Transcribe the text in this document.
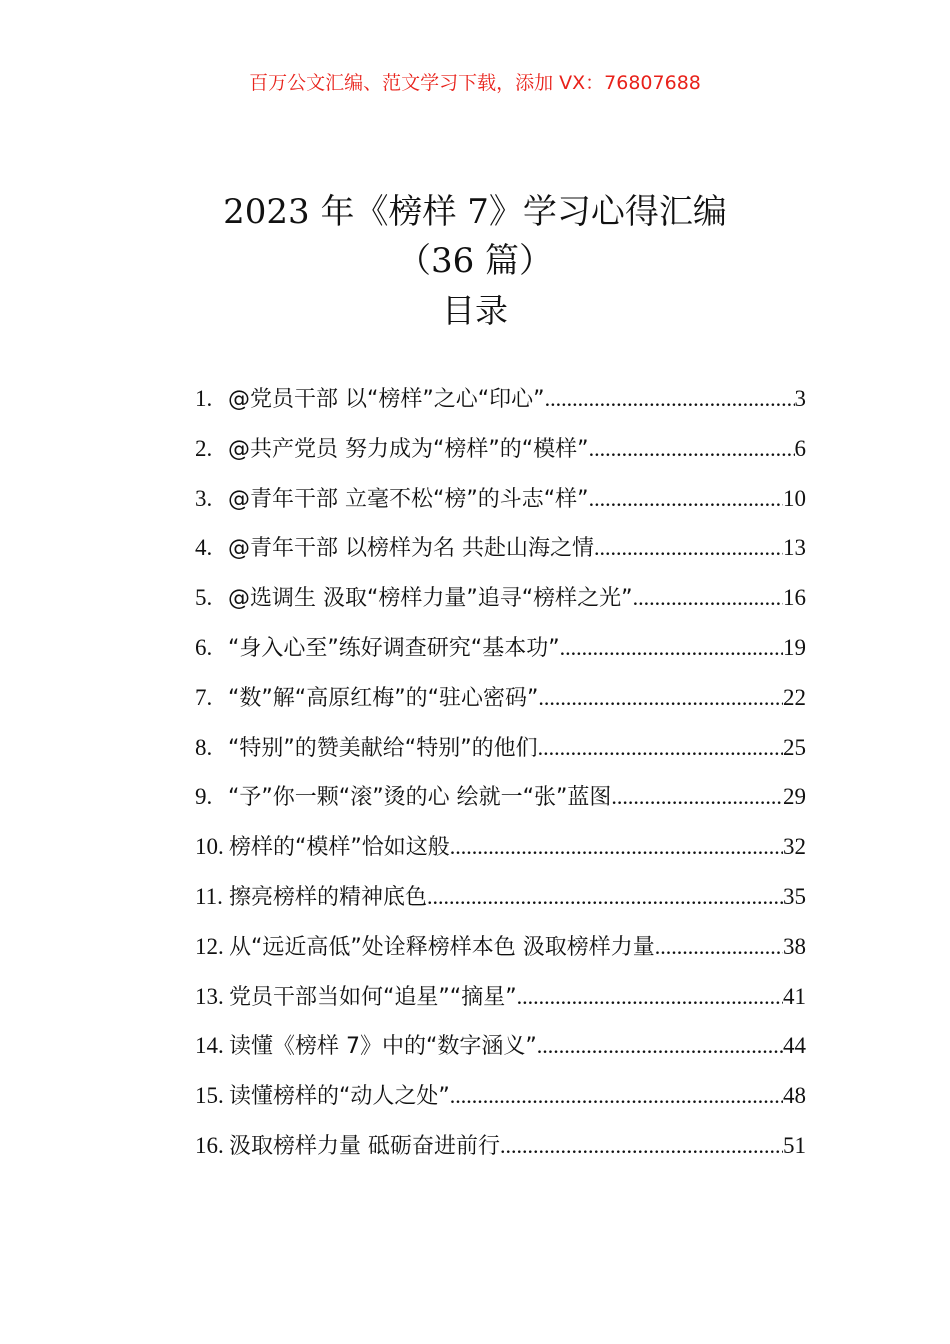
百万公文汇编、范文学习下载，添加 VX：76807688
2023 年《榜样 7》学习心得汇编
（36 篇）
目录
1. @党员干部 以“榜样”之心“印心” .....	3
2. @共产党员 努力成为“榜样”的“模样” .....	6
3. @青年干部 立毫不松“榜”的斗志“样” .....	10
4. @青年干部 以榜样为名 共赴山海之情 .....	13
5. @选调生 汲取“榜样力量”追寻“榜样之光” .....	16
6. “身入心至”练好调查研究“基本功” .....	19
7. “数”解“高原红梅”的“驻心密码” .....	22
8. “特别”的赞美献给“特别”的他们 .....	25
9. “予”你一颗“滚”烫的心 绘就一“张”蓝图 .....	29
10. 榜样的“模样”恰如这般 .....	32
11. 擦亮榜样的精神底色 .....	35
12. 从“远近高低”处诠释榜样本色 汲取榜样力量 .....	38
13. 党员干部当如何“追星”“摘星” .....	41
14. 读懂《榜样 7》中的“数字涵义” .....	44
15. 读懂榜样的“动人之处” .....	48
16. 汲取榜样力量 砥砺奋进前行 .....	51
